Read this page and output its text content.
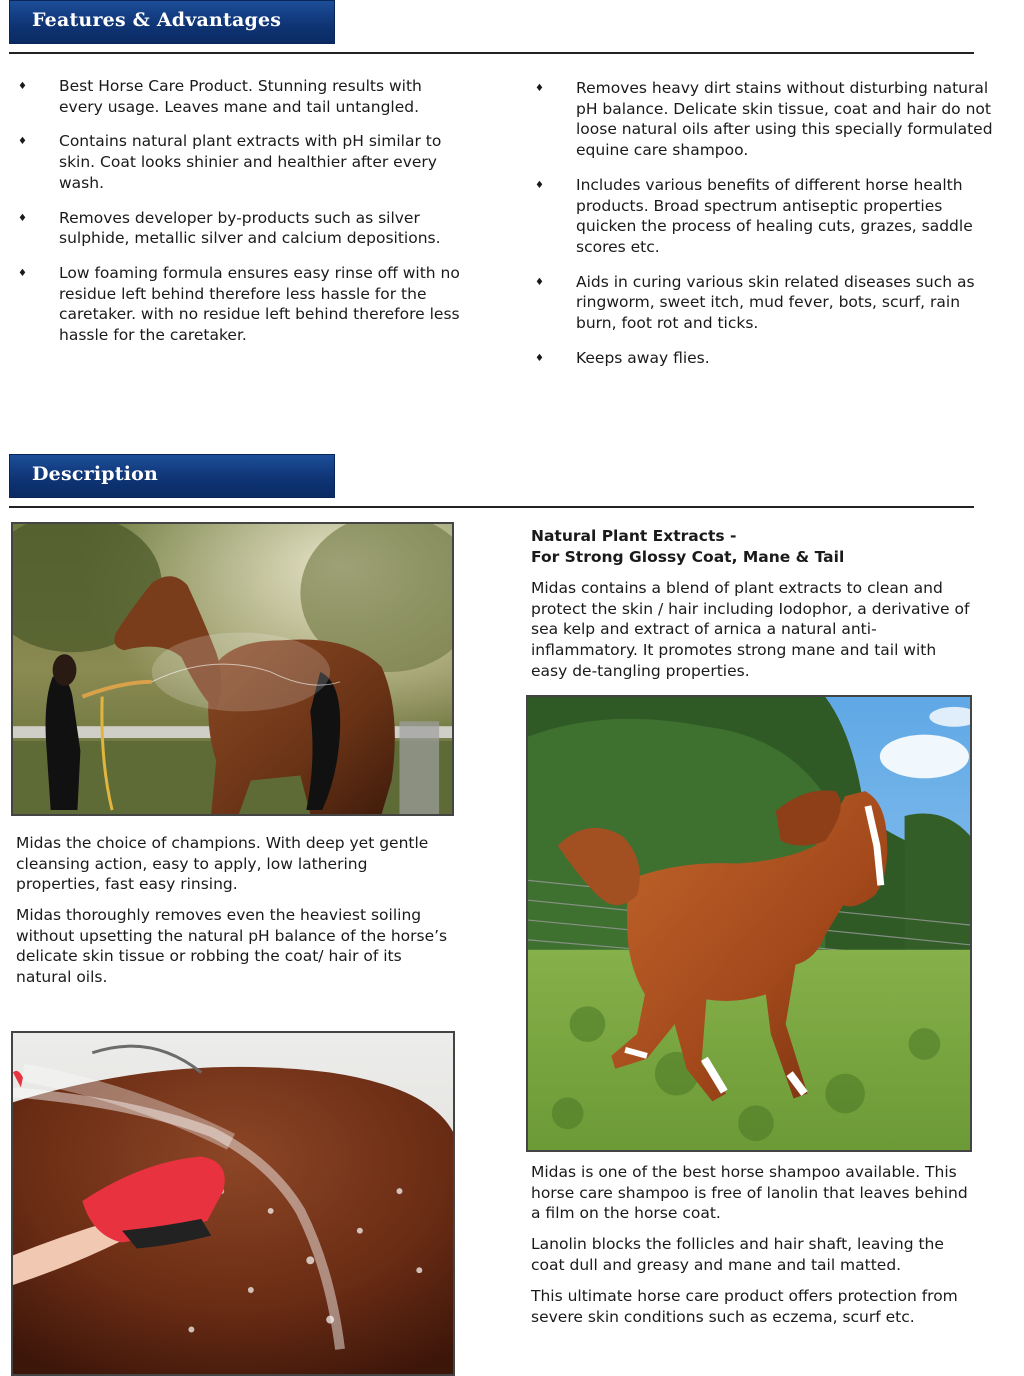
Features & Advantages
♦ Best Horse Care Product. Stunning results with every usage. Leaves mane and tail untangled.
♦ Contains natural plant extracts with pH similar to skin. Coat looks shinier and healthier after every wash.
♦ Removes developer by-products such as silver sulphide, metallic silver and calcium depositions.
♦ Low foaming formula ensures easy rinse off with no residue left behind therefore less hassle for the caretaker. with no residue left behind therefore less hassle for the caretaker.
♦ Removes heavy dirt stains without disturbing natural pH balance. Delicate skin tissue, coat and hair do not loose natural oils after using this specially formulated equine care shampoo.
♦ Includes various benefits of different horse health products. Broad spectrum antiseptic properties quicken the process of healing cuts, grazes, saddle scores etc.
♦ Aids in curing various skin related diseases such as ringworm, sweet itch, mud fever, bots, scurf, rain burn, foot rot and ticks.
♦ Keeps away flies.
Description

Midas the choice of champions. With deep yet gentle cleansing action, easy to apply, low lathering properties, fast easy rinsing.

Midas thoroughly removes even the heaviest soiling without upsetting the natural pH balance of the horse’s delicate skin tissue or robbing the coat/ hair of its natural oils.

Natural Plant Extracts -

For Strong Glossy Coat, Mane & Tail

Midas contains a blend of plant extracts to clean and protect the skin / hair including Iodophor, a derivative of sea kelp and extract of arnica a natural anti-inflammatory. It promotes strong mane and tail with easy de-tangling properties.

Midas is one of the best horse shampoo available. This horse care shampoo is free of lanolin that leaves behind a film on the horse coat.

Lanolin blocks the follicles and hair shaft, leaving the coat dull and greasy and mane and tail matted.

This ultimate horse care product offers protection from severe skin conditions such as eczema, scurf etc.
